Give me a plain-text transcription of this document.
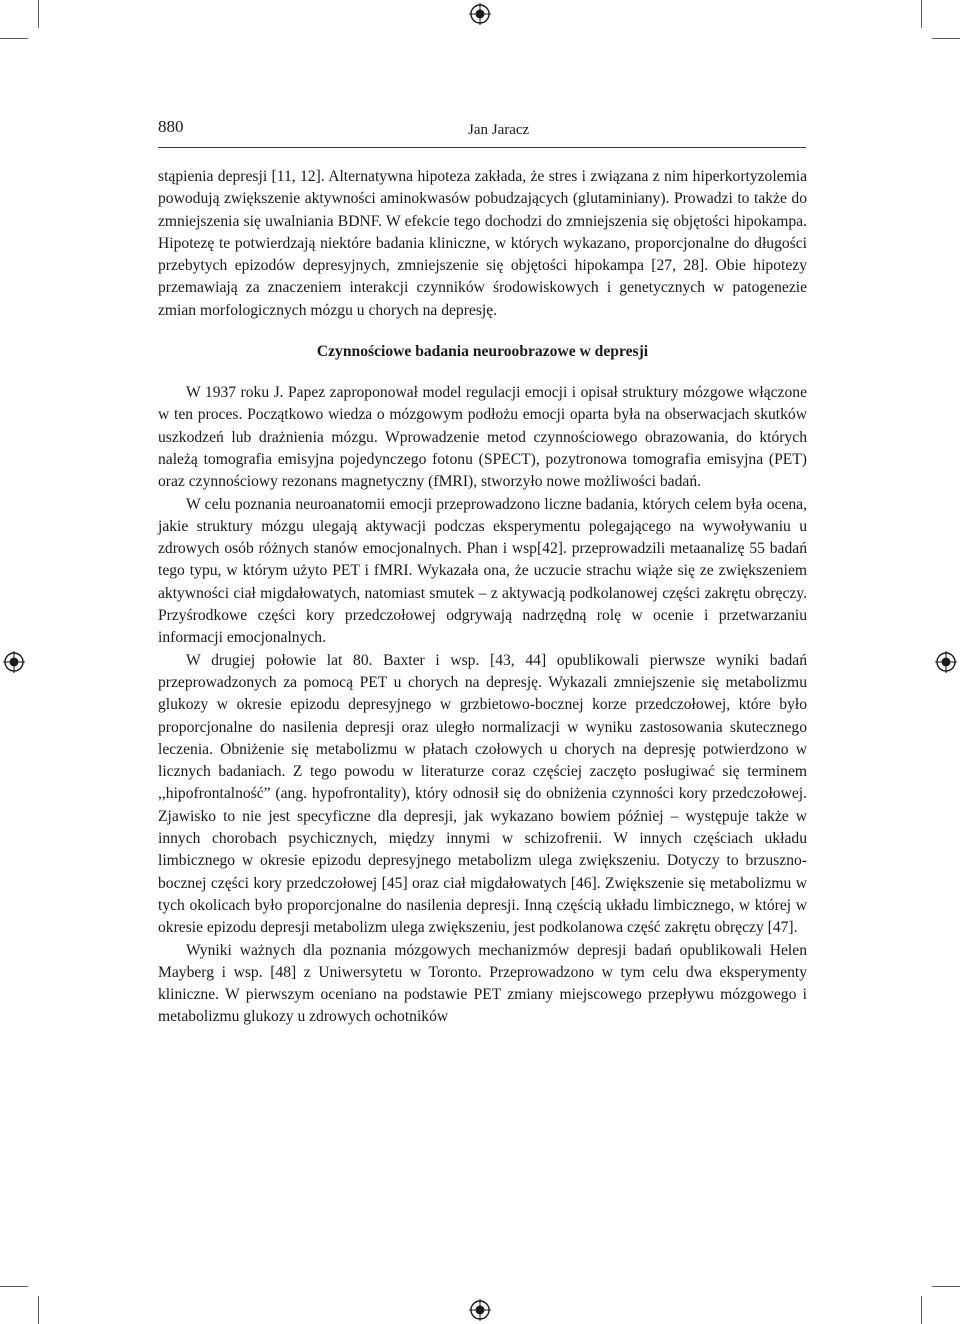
880	Jan Jaracz

stąpienia depresji [11, 12]. Alternatywna hipoteza zakłada, że stres i związana z nim hiperkortyzolemia powodują zwiększenie aktywności aminokwasów pobudzających (glutaminiany). Prowadzi to także do zmniejszenia się uwalniania BDNF. W efekcie tego dochodzi do zmniejszenia się objętości hipokampa. Hipotezę te potwierdzają niektóre badania kliniczne, w których wykazano, proporcjonalne do długości przebytych epizodów depresyjnych, zmniejszenie się objętości hipokampa [27, 28]. Obie hipotezy przemawiają za znaczeniem interakcji czynników środowiskowych i genetycznych w patogenezie zmian morfologicznych mózgu u chorych na depresję.

Czynnościowe badania neuroobrazowe w depresji

W 1937 roku J. Papez zaproponował model regulacji emocji i opisał struktury mózgowe włączone w ten proces. Początkowo wiedza o mózgowym podłożu emocji oparta była na obserwacjach skutków uszkodzeń lub drażnienia mózgu. Wprowadzenie metod czynnościowego obrazowania, do których należą tomografia emisyjna pojedynczego fotonu (SPECT), pozytronowa tomografia emisyjna (PET) oraz czynnościowy rezonans magnetyczny (fMRI), stworzyło nowe możliwości badań.

W celu poznania neuroanatomii emocji przeprowadzono liczne badania, których celem była ocena, jakie struktury mózgu ulegają aktywacji podczas eksperymentu polegającego na wywoływaniu u zdrowych osób różnych stanów emocjonalnych. Phan i wsp[42]. przeprowadzili metaanalizę 55 badań tego typu, w którym użyto PET i fMRI. Wykazała ona, że uczucie strachu wiąże się ze zwiększeniem aktywności ciał migdałowatych, natomiast smutek – z aktywacją podkolanowej części zakrętu obręczy. Przyśrodkowe części kory przedczołowej odgrywają nadrzędną rolę w ocenie i przetwarzaniu informacji emocjonalnych.

W drugiej połowie lat 80. Baxter i wsp. [43, 44] opublikowali pierwsze wyniki badań przeprowadzonych za pomocą PET u chorych na depresję. Wykazali zmniejszenie się metabolizmu glukozy w okresie epizodu depresyjnego w grzbietowo-bocznej korze przedczołowej, które było proporcjonalne do nasilenia depresji oraz uległo normalizacji w wyniku zastosowania skutecznego leczenia. Obniżenie się metabolizmu w płatach czołowych u chorych na depresję potwierdzono w licznych badaniach. Z tego powodu w literaturze coraz częściej zaczęto posługiwać się terminem ,,hipofrontalność” (ang. hypofrontality), który odnosił się do obniżenia czynności kory przedczołowej. Zjawisko to nie jest specyficzne dla depresji, jak wykazano bowiem później – występuje także w innych chorobach psychicznych, między innymi w schizofrenii. W innych częściach układu limbicznego w okresie epizodu depresyjnego metabolizm ulega zwiększeniu. Dotyczy to brzuszno-bocznej części kory przedczołowej [45] oraz ciał migdałowatych [46]. Zwiększenie się metabolizmu w tych okolicach było proporcjonalne do nasilenia depresji. Inną częścią układu limbicznego, w której w okresie epizodu depresji metabolizm ulega zwiększeniu, jest podkolanowa część zakrętu obręczy [47].

Wyniki ważnych dla poznania mózgowych mechanizmów depresji badań opublikowali Helen Mayberg i wsp. [48] z Uniwersytetu w Toronto. Przeprowadzono w tym celu dwa eksperymenty kliniczne. W pierwszym oceniano na podstawie PET zmiany miejscowego przepływu mózgowego i metabolizmu glukozy u zdrowych ochotników
